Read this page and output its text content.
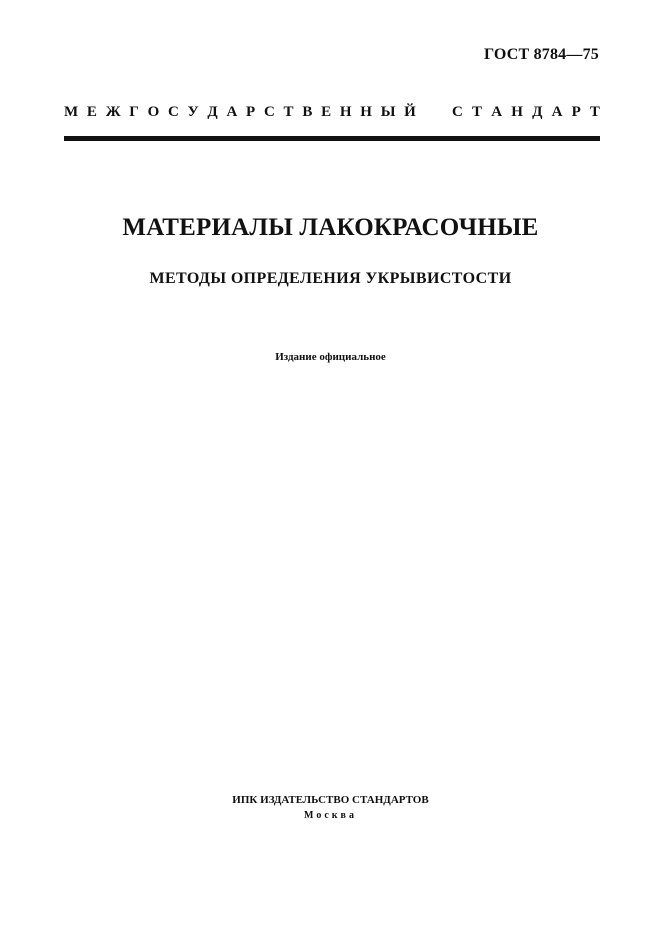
ГОСТ 8784—75
М Е Ж Г О С У Д А Р С Т В Е Н Н Ы Й С Т А Н Д А Р Т
МАТЕРИАЛЫ ЛАКОКРАСОЧНЫЕ
МЕТОДЫ ОПРЕДЕЛЕНИЯ УКРЫВИСТОСТИ
Издание официальное
ИПК ИЗДАТЕЛЬСТВО СТАНДАРТОВ
Москва
